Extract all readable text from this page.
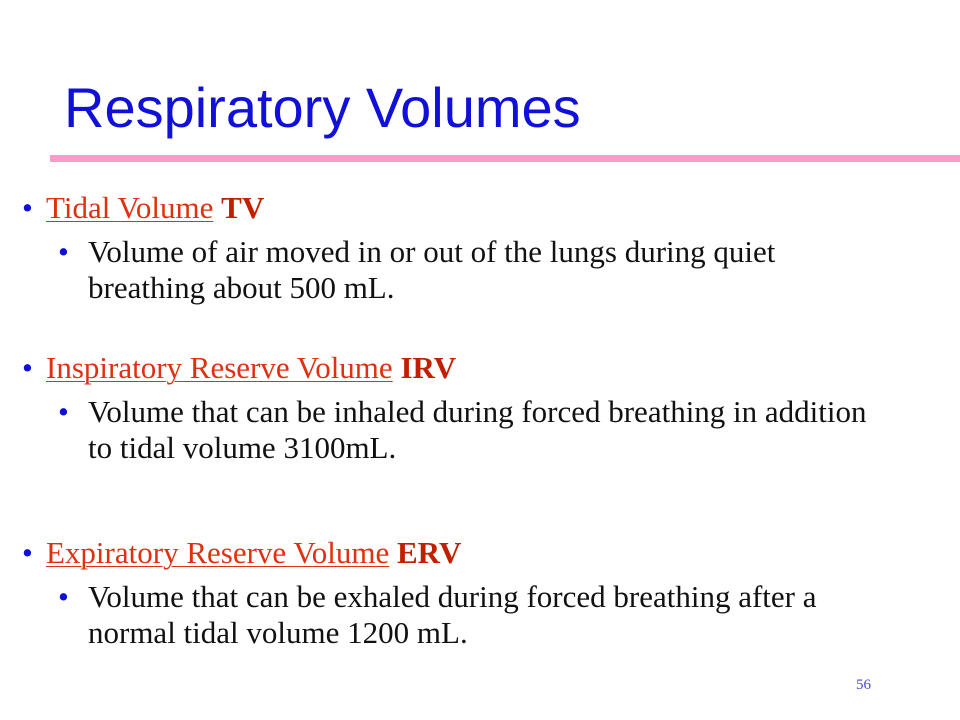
Respiratory Volumes
• Tidal Volume TV
• Volume of air moved in or out of the lungs during quiet breathing about 500 mL.
• Inspiratory Reserve Volume IRV
• Volume that can be inhaled during forced breathing in addition to tidal volume 3100mL.
• Expiratory Reserve Volume ERV
• Volume that can be exhaled during forced breathing after a normal tidal volume 1200 mL.
56
